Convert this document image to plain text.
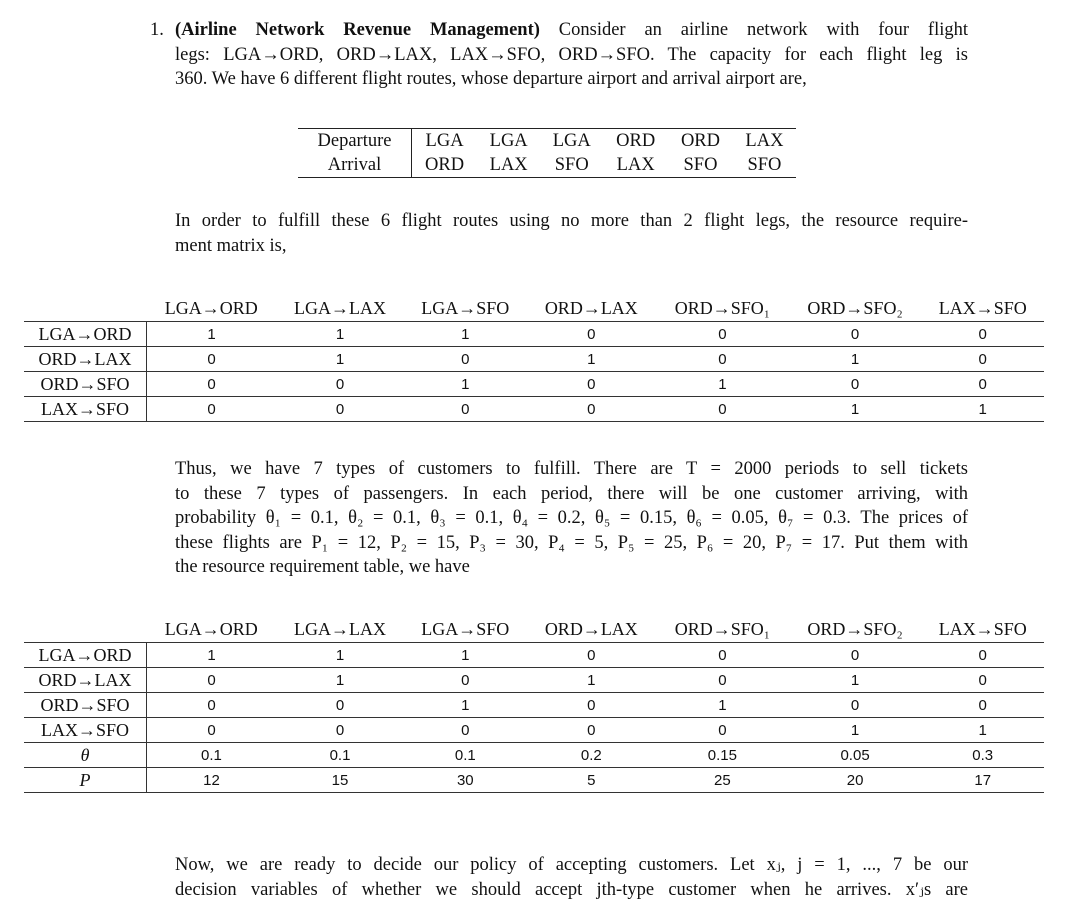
1. (Airline Network Revenue Management) Consider an airline network with four flight
legs: LGA→ORD, ORD→LAX, LAX→SFO, ORD→SFO. The capacity for each flight leg is
360. We have 6 different flight routes, whose departure airport and arrival airport are,
Departure	LGA	LGA	LGA	ORD	ORD	LAX
Arrival	ORD	LAX	SFO	LAX	SFO	SFO
In order to fulfill these 6 flight routes using no more than 2 flight legs, the resource require-
ment matrix is,
	LGA→ORD	LGA→LAX	LGA→SFO	ORD→LAX	ORD→SFO₁	ORD→SFO₂	LAX→SFO
LGA→ORD	1	1	1	0	0	0	0
ORD→LAX	0	1	0	1	0	1	0
ORD→SFO	0	0	1	0	1	0	0
LAX→SFO	0	0	0	0	0	1	1
Thus, we have 7 types of customers to fulfill. There are T = 2000 periods to sell tickets
to these 7 types of passengers. In each period, there will be one customer arriving, with
probability θ₁ = 0.1, θ₂ = 0.1, θ₃ = 0.1, θ₄ = 0.2, θ₅ = 0.15, θ₆ = 0.05, θ₇ = 0.3. The prices of
these flights are P₁ = 12, P₂ = 15, P₃ = 30, P₄ = 5, P₅ = 25, P₆ = 20, P₇ = 17. Put them with
the resource requirement table, we have
	LGA→ORD	LGA→LAX	LGA→SFO	ORD→LAX	ORD→SFO₁	ORD→SFO₂	LAX→SFO
LGA→ORD	1	1	1	0	0	0	0
ORD→LAX	0	1	0	1	0	1	0
ORD→SFO	0	0	1	0	1	0	0
LAX→SFO	0	0	0	0	0	1	1
θ	0.1	0.1	0.1	0.2	0.15	0.05	0.3
P	12	15	30	5	25	20	17
Now, we are ready to decide our policy of accepting customers. Let xⱼ, j = 1, ..., 7 be our
decision variables of whether we should accept jth-type customer when he arrives. x′ⱼs are
